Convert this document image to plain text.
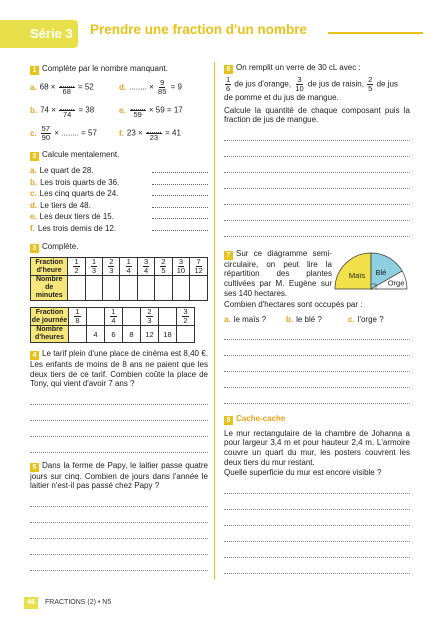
Série 3 Prendre une fraction d'un nombre
1 Complète par le nombre manquant.
a. 68 × 68 = 52	d. ........ × $\frac{9}{85} = 9$
b. 74 × 74 = 38	e. 59 × 59 = 17
c. $\frac{57}{90}$ × ........ = 57	f. 23 × 23 = 41
2 Calcule mentalement.
a. Le quart de 28.
b. Les trois quarts de 36.
c. Les cinq quarts de 24.
d. Le tiers de 48.
e. Les deux tiers de 15.
f. Les trois demis de 12.
3 Complète.
Fraction d'heure	$\frac{1}{2}$	$\frac{1}{3}$	$\frac{2}{3}$	$\frac{1}{4}$	$\frac{3}{4}$	$\frac{2}{5}$	$\frac{3}{10}$	$\frac{7}{12}$

Nombre de minutes								
Fraction de journée	$\frac{1}{8}$		$\frac{1}{4}$		$\frac{2}{3}$		$\frac{3}{2}$

Nombre d'heures		4	6	8	12	18	
4 Le tarif plein d'une place de cinéma est 8,40 €. Les enfants de moins de 8 ans ne paient que les deux tiers de ce tarif. Combien coûte la place de Tony, qui vient d'avoir 7 ans ?
5 Dans la ferme de Papy, le laitier passe quatre jours sur cinq. Combien de jours dans l'année le laitier n'est-il pas passé chez Papy ?
6 On remplit un verre de 30 cL avec :
$\frac{1}{6}$ de jus d'orange, $\frac{3}{10}$ de jus de raisin, $\frac{2}{5}$ de jus
de pomme et du jus de mangue.
Calcule la quantité de chaque composant puis la fraction de jus de mangue.
7 Sur ce diagramme semi-circulaire, on peut lire la répartition des plantes cultivées par M. Eugène sur ses 140 hectares.
Maïs Blé
Orge
Combien d'hectares sont occupés par :
a. le maïs ?	b. le blé ?	c. l'orge ?
8 Cache-cache
Le mur rectangulaire de la chambre de Johanna a pour largeur 3,4 m et pour hauteur 2,4 m. L'armoire couvre un quart du mur, les posters couvrent les deux tiers du mur restant.
Quelle superficie du mur est encore visible ?
46	FRACTIONS (2) • N5
